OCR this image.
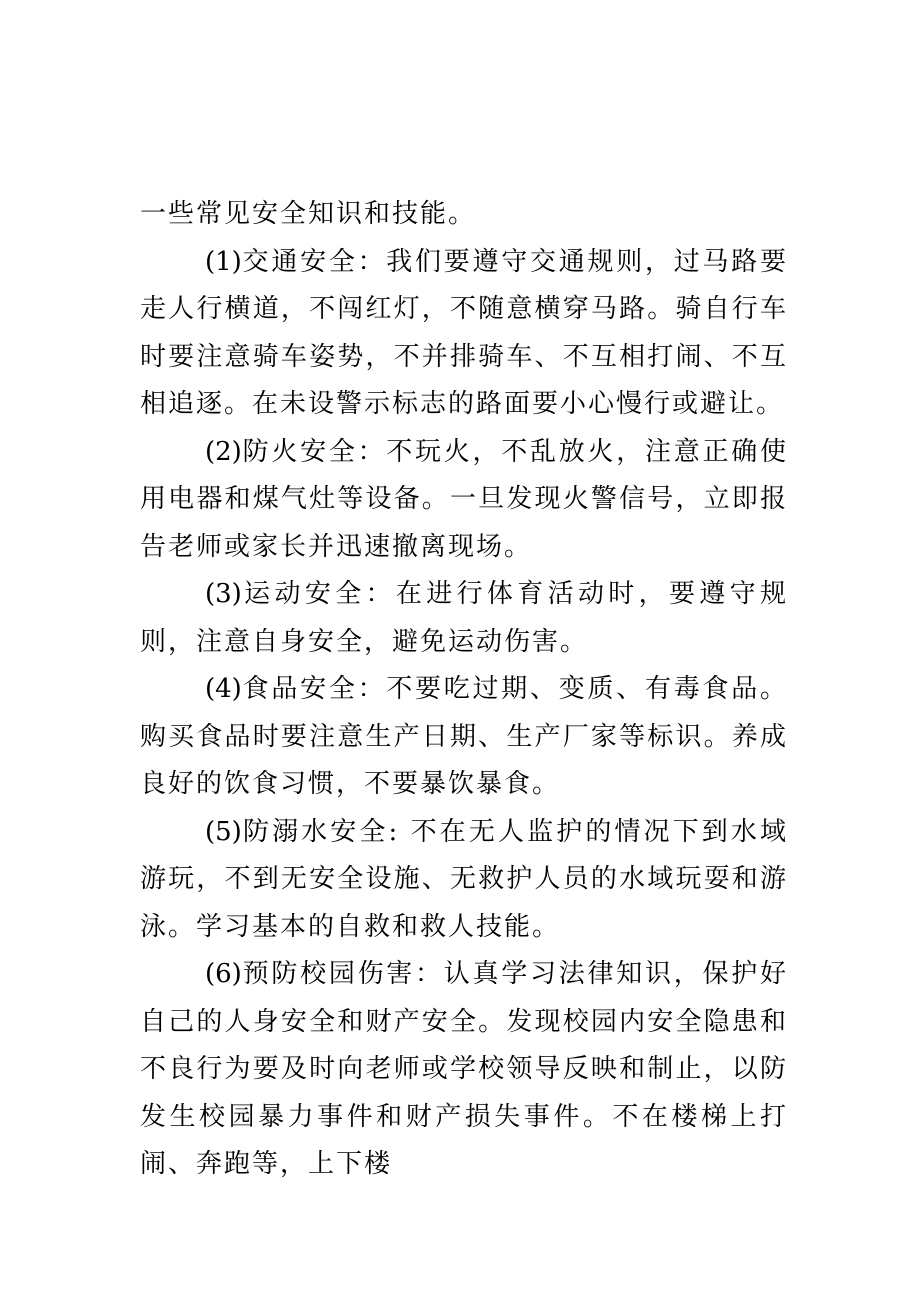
一些常见安全知识和技能。

(1)交通安全：我们要遵守交通规则，过马路要走人行横道，不闯红灯，不随意横穿马路。骑自行车时要注意骑车姿势，不并排骑车、不互相打闹、不互相追逐。在未设警示标志的路面要小心慢行或避让。

(2)防火安全：不玩火，不乱放火，注意正确使用电器和煤气灶等设备。一旦发现火警信号，立即报告老师或家长并迅速撤离现场。

(3)运动安全：在进行体育活动时，要遵守规则，注意自身安全，避免运动伤害。

(4)食品安全：不要吃过期、变质、有毒食品。购买食品时要注意生产日期、生产厂家等标识。养成良好的饮食习惯，不要暴饮暴食。

(5)防溺水安全: 不在无人监护的情况下到水域游玩，不到无安全设施、无救护人员的水域玩耍和游泳。学习基本的自救和救人技能。

(6)预防校园伤害：认真学习法律知识，保护好自己的人身安全和财产安全。发现校园内安全隐患和不良行为要及时向老师或学校领导反映和制止，以防发生校园暴力事件和财产损失事件。不在楼梯上打闹、奔跑等，上下楼
